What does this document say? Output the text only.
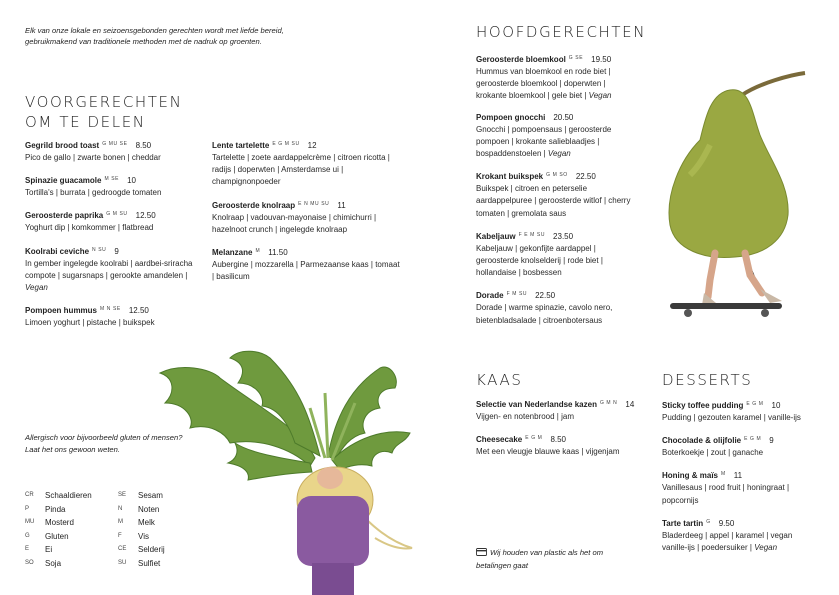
Elk van onze lokale en seizoensgebonden gerechten wordt met liefde bereid, gebruikmakend van traditionele methoden met de nadruk op groenten.
VOORGERECHTEN OM TE DELEN
Gegrild brood toast $^{G MU SE}$ 8.50
Pico de gallo | zwarte bonen | cheddar
Spinazie guacamole $^{M SE}$ 10
Tortilla's | burrata | gedroogde tomaten
Geroosterde paprika $^{G M SU}$ 12.50
Yoghurt dip | komkommer | flatbread
Koolrabi ceviche $^{N SU}$ 9
In gember ingelegde koolrabi | aardbei-sriracha compote | sugarsnaps | gerookte amandelen | Vegan
Pompoen hummus $^{M N SE}$ 12.50
Limoen yoghurt | pistache | buikspek
Lente tartelette $^{E G M SU}$ 12
Tartelette | zoete aardappelcrème | citroen ricotta | radijs | doperwten | Amsterdamse ui | champignonpoeder
Geroosterde knolraap $^{E N MU SU}$ 11
Knolraap | vadouvan-mayonaise | chimichurri | hazelnoot crunch | ingelegde knolraap
Melanzane $^M$ 11.50
Aubergine | mozzarella | Parmezaanse kaas | tomaat | basilicum
HOOFDGERECHTEN
Geroosterde bloemkool $^{G SE}$ 19.50
Hummus van bloemkool en rode biet | geroosterde bloemkool | doperwten | krokante bloemkool | gele biet | Vegan
Pompoen gnocchi 20.50
Gnocchi | pompoensaus | geroosterde pompoen | krokante salieblaadjes | bospaddenstoelen | Vegan
Krokant buikspek $^{G M SO}$ 22.50
Buikspek | citroen en peterselie aardappelpuree | geroosterde witlof | cherry tomaten | gremolata saus
Kabeljauw $^{F E M SU}$ 23.50
Kabeljauw | gekonfijte aardappel | geroosterde knolselderij | rode biet | hollandaise | bosbessen
Dorade $^{F M SU}$ 22.50
Dorade | warme spinazie, cavolo nero, bietenbladsalade | citroenbotersaus
KAAS
Selectie van Nederlandse kazen $^{G M N}$ 14
Vijgen- en notenbrood | jam
Cheesecake $^{E G M}$ 8.50
Met een vleugje blauwe kaas | vijgenjam
DESSERTS
Sticky toffee pudding $^{E G M}$ 10
Pudding | gezouten karamel | vanille-ijs
Chocolade & olijfolie $^{E G M}$ 9
Boterkoekje | zout | ganache
Honing & maïs $^M$ 11
Vanillesaus | rood fruit | honingraat | popcornijs
Tarte tartin $^G$ 9.50
Bladerdeeg | appel | karamel | vegan vanille-ijs | poedersuiker | Vegan
Allergisch voor bijvoorbeeld gluten of mensen? Laat het ons gewoon weten.
CR	Schaaldieren	SE	Sesam
P	Pinda	N	Noten
MU	Mosterd	M	Melk
G	Gluten	F	Vis
E	Ei	CE	Selderij
SO	Soja	SU	Sulfiet
Wij houden van plastic als het om betalingen gaat
